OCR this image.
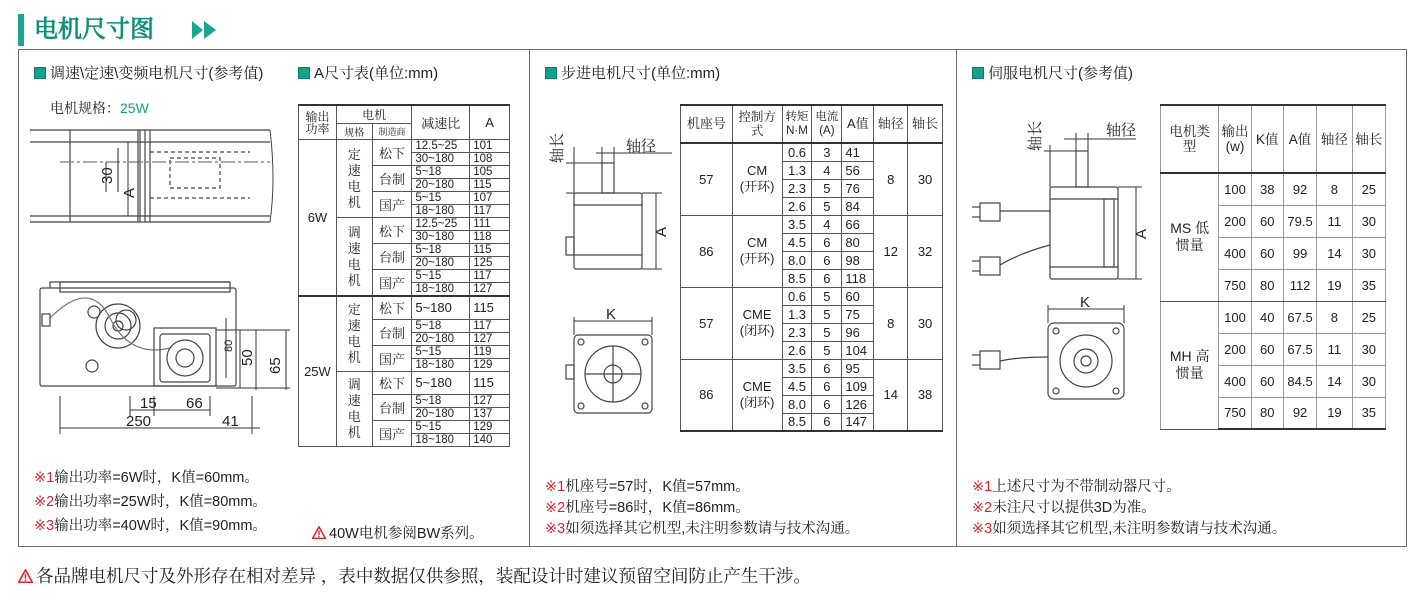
电机尺寸图
调速\定速\变频电机尺寸(参考值)	A尺寸表(单位:mm)
电机规格：25W
30
A
80
50 65
15 66
250	41
※1输出功率=6W时，K值=60mm。
※2输出功率=25W时，K值=80mm。
※3输出功率=40W时，K值=90mm。
输出功率	电机		减速比	A
	规格	制造商		
6W	定速电机	松下	12.5~25	101
			30~180	108
		台制	5~18	105
			20~180	115
		国产	5~15	107
			18~180	117
	调速电机	松下	12.5~25	111
			30~180	118
		台制	5~18	115
			20~180	125
		国产	5~15	117
			18~180	127
25W	定速电机	松下	5~180	115
		台制	5~18	117
			20~180	127
		国产	5~15	119
			18~180	129
	调速电机	松下	5~180	115
		台制	5~18	127
			20~180	137
		国产	5~15	129
			18~180	140
40W电机参阅BW系列。
步进电机尺寸(单位:mm)
轴长	轴径
A
K
机座号	控制方式	转矩N·M	电流(A)	A值	轴径	轴长
57	CM (开环)	0.6	3	41	8	30
		1.3	4	56		
		2.3	5	76		
		2.6	5	84		
86	CM (开环)	3.5	4	66	12	32
		4.5	6	80		
		8.0	6	98		
		8.5	6	118		
57	CME (闭环)	0.6	5	60	8	30
		1.3	5	75		
		2.3	5	96		
		2.6	5	104		
86	CME (闭环)	3.5	6	95	14	38
		4.5	6	109		
		8.0	6	126		
		8.5	6	147		
※1机座号=57时，K值=57mm。
※2机座号=86时，K值=86mm。
※3如须选择其它机型,未注明参数请与技术沟通。
伺服电机尺寸(参考值)
轴长	轴径
A
K
电机类型	输出(w)	K值	A值	轴径	轴长
MS 低惯量	100	38	92	8	25
	200	60	79.5	11	30
	400	60	99	14	30
	750	80	112	19	35
MH 高惯量	100	40	67.5	8	25
	200	60	67.5	11	30
	400	60	84.5	14	30
	750	80	92	19	35
※1上述尺寸为不带制动器尺寸。
※2未注尺寸以提供3D为准。
※3如须选择其它机型,未注明参数请与技术沟通。
各品牌电机尺寸及外形存在相对差异 ，表中数据仅供参照，装配设计时建议预留空间防止产生干涉。
